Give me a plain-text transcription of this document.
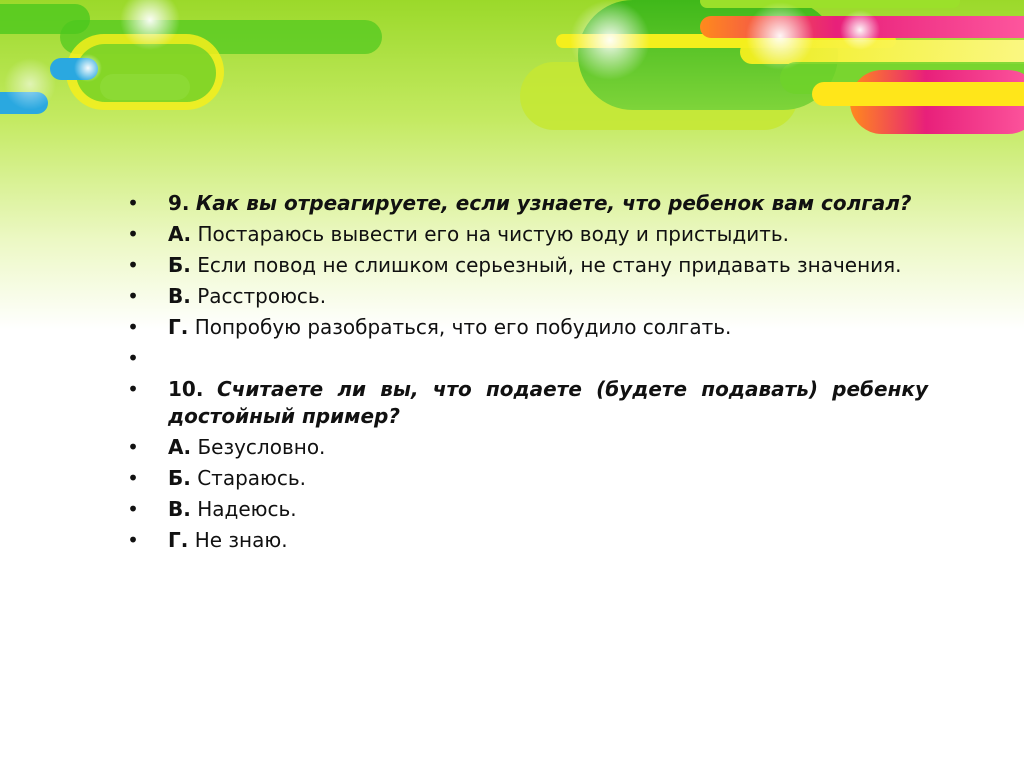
• 9. Как вы отреагируете, если узнаете, что ребенок вам солгал?
• А. Постараюсь вывести его на чистую воду и пристыдить.
• Б. Если повод не слишком серьезный, не стану придавать значения.
• В. Расстроюсь.
• Г. Попробую разобраться, что его побудило солгать.
•
• 10. Считаете ли вы, что подаете (будете подавать) ребенку достойный пример?
• А. Безусловно.
• Б. Стараюсь.
• В. Надеюсь.
• Г. Не знаю.
